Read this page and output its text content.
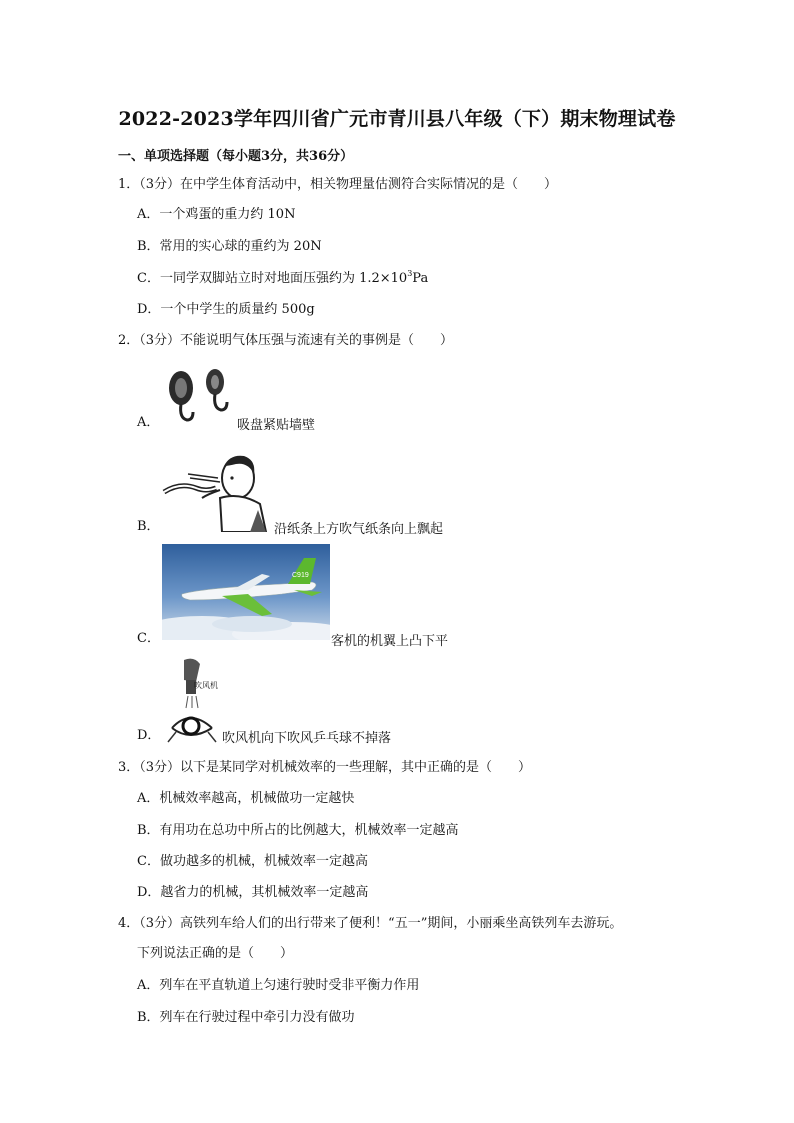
2022-2023学年四川省广元市青川县八年级（下）期末物理试卷
一、单项选择题（每小题3分，共36分）
1．（3分）在中学生体育活动中，相关物理量估测符合实际情况的是（　　）
A．一个鸡蛋的重力约 10N
B．常用的实心球的重约为 20N
C．一同学双脚站立时对地面压强约为 $1.2\times 10^3Pa$
D．一个中学生的质量约 500g
2．（3分）不能说明气体压强与流速有关的事例是（　　）
A．	吸盘紧贴墙壁
B．	沿纸条上方吹气纸条向上飘起
C．
C919
客机的机翼上凸下平
D．
吹风机
吹风机向下吹风乒乓球不掉落
3．（3分）以下是某同学对机械效率的一些理解，其中正确的是（　　）
A．机械效率越高，机械做功一定越快
B．有用功在总功中所占的比例越大，机械效率一定越高
C．做功越多的机械，机械效率一定越高
D．越省力的机械，其机械效率一定越高
4．（3分）高铁列车给人们的出行带来了便利！“五一”期间，小丽乘坐高铁列车去游玩。
下列说法正确的是（　　）
A．列车在平直轨道上匀速行驶时受非平衡力作用
B．列车在行驶过程中牵引力没有做功
